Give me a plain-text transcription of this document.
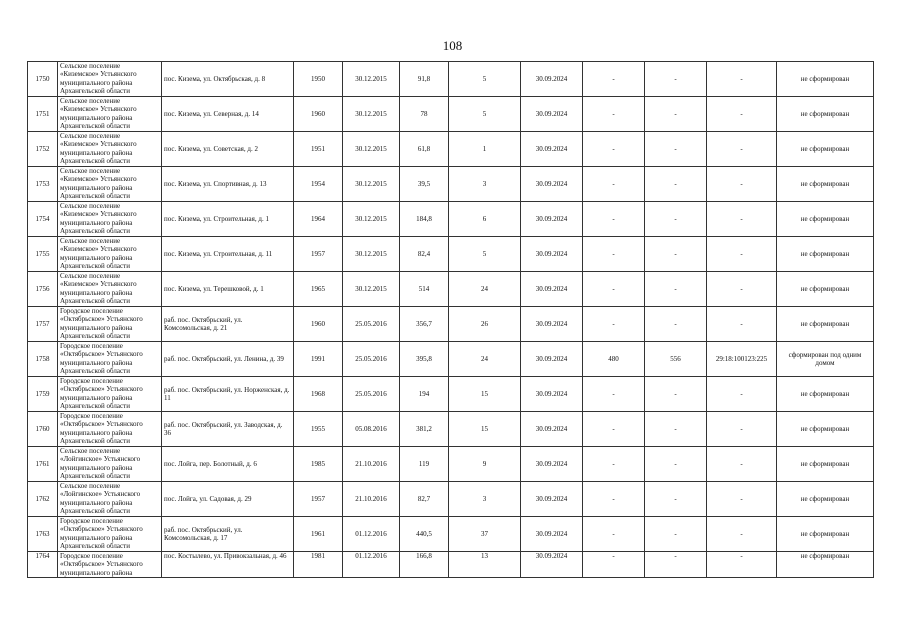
108
1750	Сельское поселение «Киземское» Устьянского муниципального района Архангельской области	пос. Кизема, ул. Октябрьская, д. 8	1950	30.12.2015	91,8	5	30.09.2024	-	-	-	не сформирован
1751	Сельское поселение «Киземское» Устьянского муниципального района Архангельской области	пос. Кизема, ул. Северная, д. 14	1960	30.12.2015	78	5	30.09.2024	-	-	-	не сформирован
1752	Сельское поселение «Киземское» Устьянского муниципального района Архангельской области	пос. Кизема, ул. Советская, д. 2	1951	30.12.2015	61,8	1	30.09.2024	-	-	-	не сформирован
1753	Сельское поселение «Киземское» Устьянского муниципального района Архангельской области	пос. Кизема, ул. Спортивная, д. 13	1954	30.12.2015	39,5	3	30.09.2024	-	-	-	не сформирован
1754	Сельское поселение «Киземское» Устьянского муниципального района Архангельской области	пос. Кизема, ул. Строительная, д. 1	1964	30.12.2015	184,8	6	30.09.2024	-	-	-	не сформирован
1755	Сельское поселение «Киземское» Устьянского муниципального района Архангельской области	пос. Кизема, ул. Строительная, д. 11	1957	30.12.2015	82,4	5	30.09.2024	-	-	-	не сформирован
1756	Сельское поселение «Киземское» Устьянского муниципального района Архангельской области	пос. Кизема, ул. Терешковой, д. 1	1965	30.12.2015	514	24	30.09.2024	-	-	-	не сформирован
1757	Городское поселение «Октябрьское» Устьянского муниципального района Архангельской области	раб. пос. Октябрьский, ул. Комсомольская, д. 21	1960	25.05.2016	356,7	26	30.09.2024	-	-	-	не сформирован
1758	Городское поселение «Октябрьское» Устьянского муниципального района Архангельской области	раб. пос. Октябрьский, ул. Ленина, д. 39	1991	25.05.2016	395,8	24	30.09.2024	480	556	29:18:100123:225	сформирован под одним домом
1759	Городское поселение «Октябрьское» Устьянского муниципального района Архангельской области	раб. пос. Октябрьский, ул. Норженская, д. 11	1968	25.05.2016	194	15	30.09.2024	-	-	-	не сформирован
1760	Городское поселение «Октябрьское» Устьянского муниципального района Архангельской области	раб. пос. Октябрьский, ул. Заводская, д. 36	1955	05.08.2016	381,2	15	30.09.2024	-	-	-	не сформирован
1761	Сельское поселение «Лойгинское» Устьянского муниципального района Архангельской области	пос. Лойга, пер. Болотный, д. 6	1985	21.10.2016	119	9	30.09.2024	-	-	-	не сформирован
1762	Сельское поселение «Лойгинское» Устьянского муниципального района Архангельской области	пос. Лойга, ул. Садовая, д. 29	1957	21.10.2016	82,7	3	30.09.2024	-	-	-	не сформирован
1763	Городское поселение «Октябрьское» Устьянского муниципального района Архангельской области	раб. пос. Октябрьский, ул. Комсомольская, д. 17	1961	01.12.2016	440,5	37	30.09.2024	-	-	-	не сформирован
1764	Городское поселение «Октябрьское» Устьянского муниципального района	пос. Костылево, ул. Привокзальная, д. 46	1981	01.12.2016	166,8	13	30.09.2024	-	-	-	не сформирован
